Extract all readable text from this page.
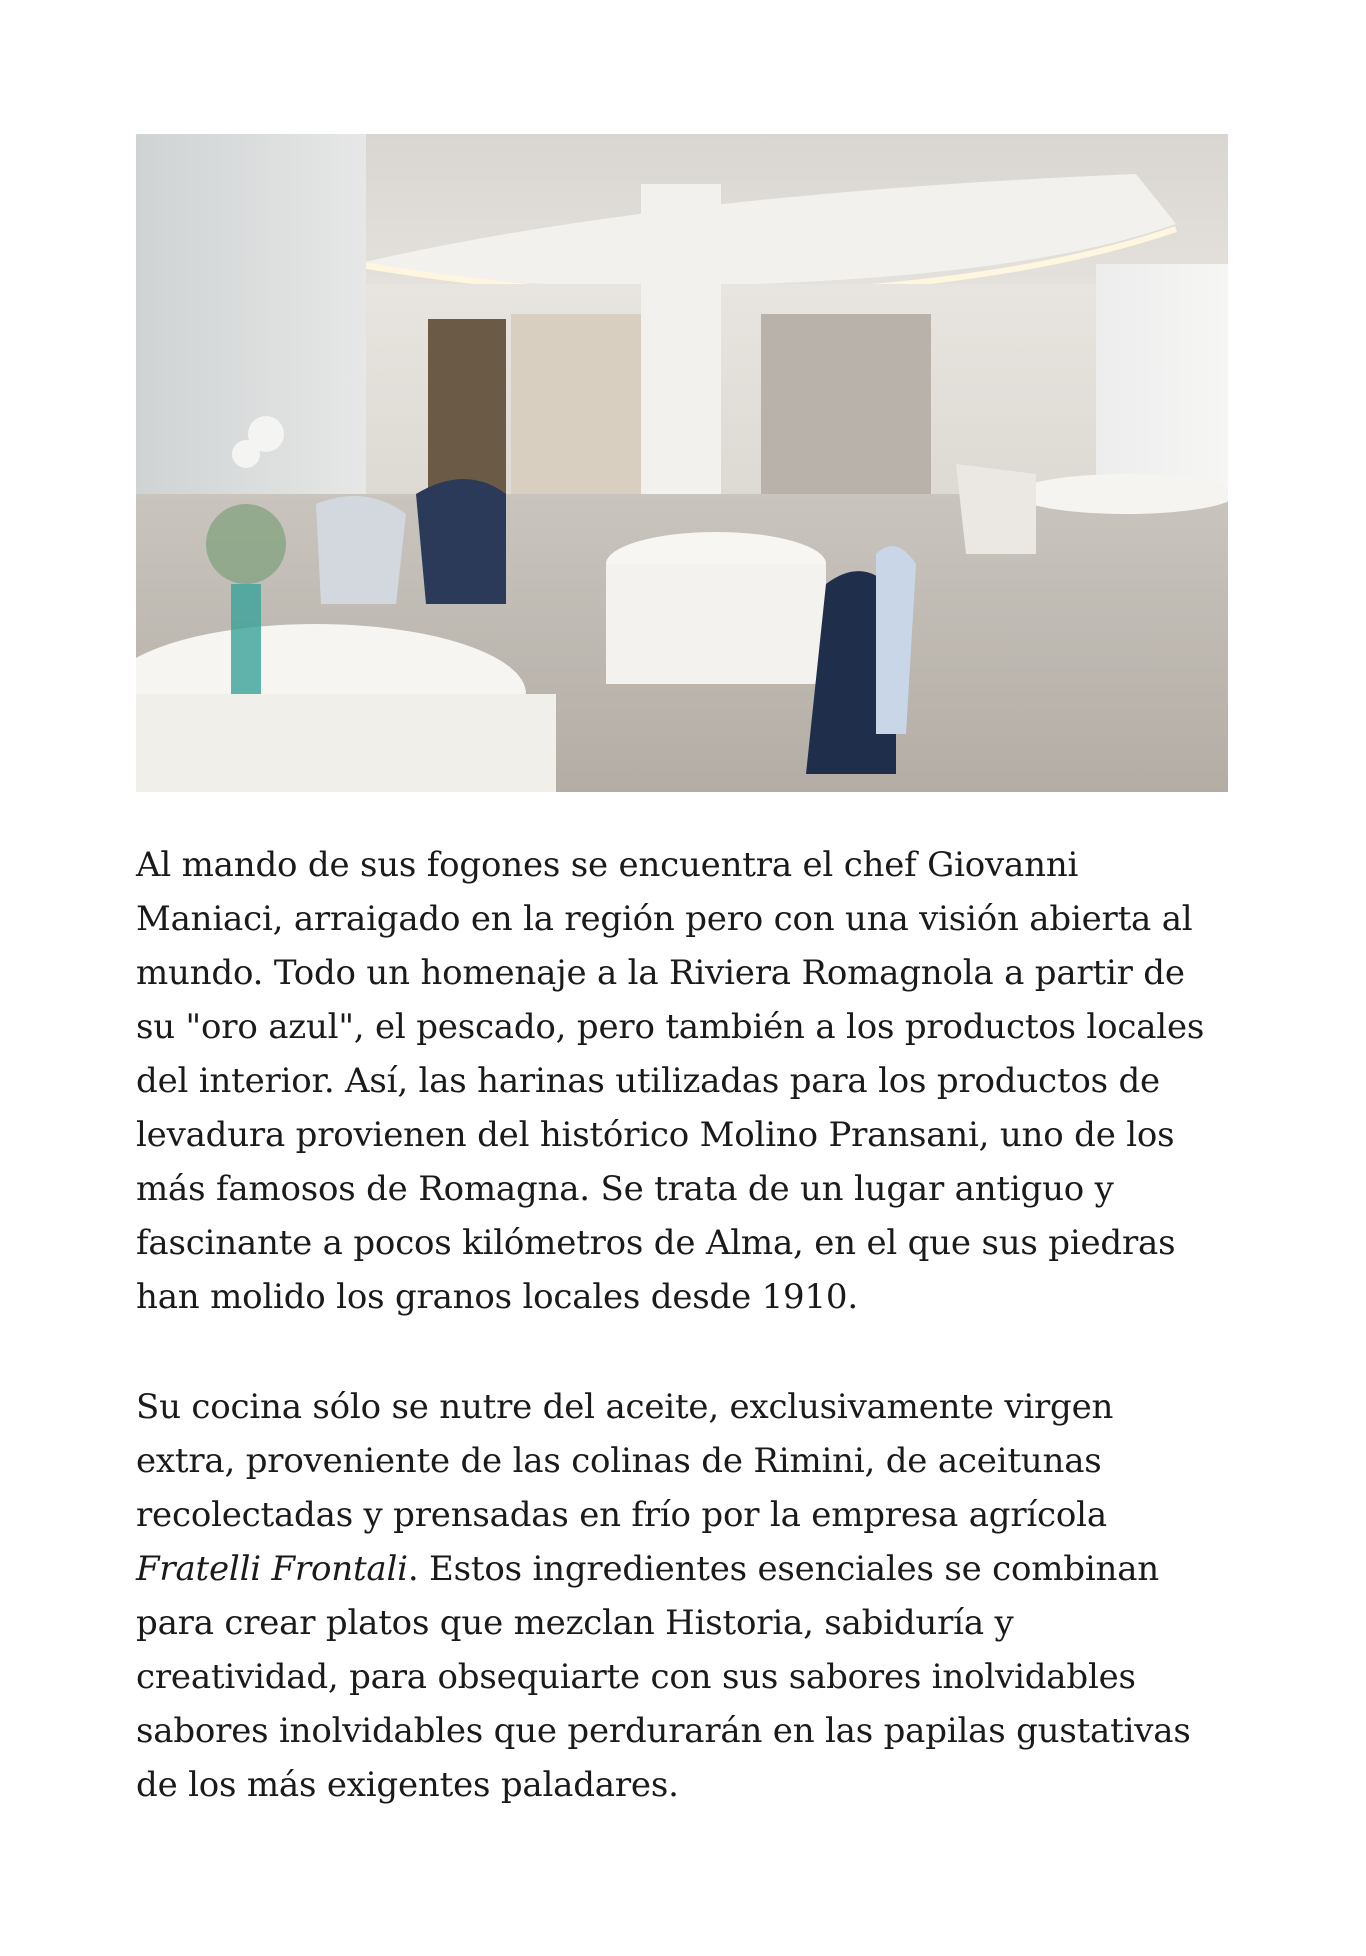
Al mando de sus fogones se encuentra el chef Giovanni
Maniaci, arraigado en la región pero con una visión abierta al
mundo. Todo un homenaje a la Riviera Romagnola a partir de
su "oro azul", el pescado, pero también a los productos locales
del interior. Así, las harinas utilizadas para los productos de
levadura provienen del histórico Molino Pransani, uno de los
más famosos de Romagna. Se trata de un lugar antiguo y
fascinante a pocos kilómetros de Alma, en el que sus piedras
han molido los granos locales desde 1910.

Su cocina sólo se nutre del aceite, exclusivamente virgen
extra, proveniente de las colinas de Rimini, de aceitunas
recolectadas y prensadas en frío por la empresa agrícola
Fratelli Frontali. Estos ingredientes esenciales se combinan
para crear platos que mezclan Historia, sabiduría y
creatividad, para obsequiarte con sus sabores inolvidables
sabores inolvidables que perdurarán en las papilas gustativas
de los más exigentes paladares.
